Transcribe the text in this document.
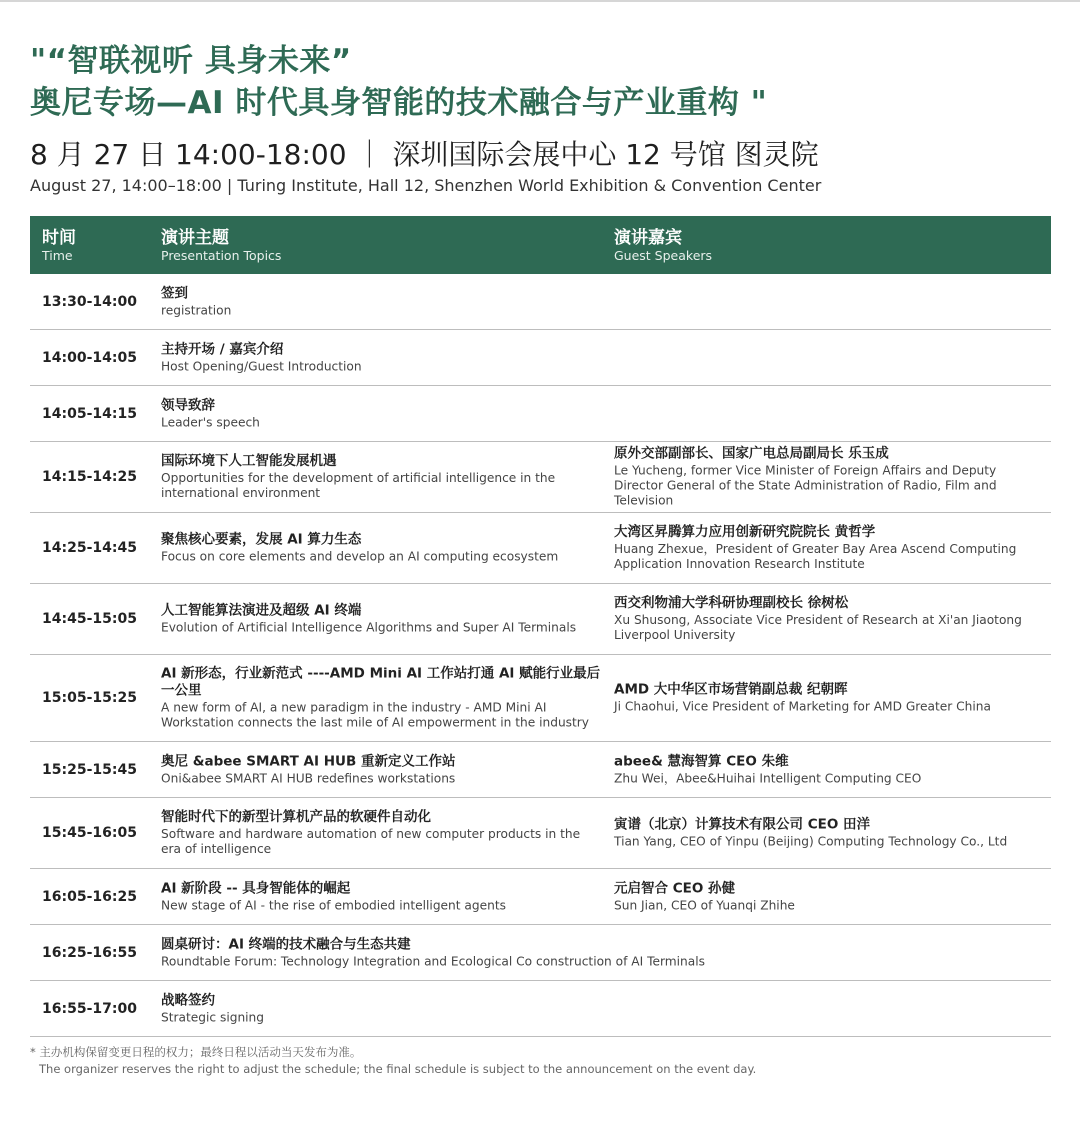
"“智联视听 具身未来”
奥尼专场—AI 时代具身智能的技术融合与产业重构 "
8 月 27 日 14:00-18:00 ｜ 深圳国际会展中心 12 号馆 图灵院
August 27, 14:00–18:00 | Turing Institute, Hall 12, Shenzhen World Exhibition & Convention Center
时间
Time
演讲主题
Presentation Topics
演讲嘉宾
Guest Speakers
13:30-14:00
签到
registration
14:00-14:05
主持开场 / 嘉宾介绍
Host Opening/Guest Introduction
14:05-14:15
领导致辞
Leader's speech
14:15-14:25
国际环境下人工智能发展机遇
Opportunities for the development of artificial intelligence in the international environment
原外交部副部长、国家广电总局副局长 乐玉成
Le Yucheng, former Vice Minister of Foreign Affairs and Deputy Director General of the State Administration of Radio, Film and Television
14:25-14:45
聚焦核心要素，发展 AI 算力生态
Focus on core elements and develop an AI computing ecosystem
大湾区昇腾算力应用创新研究院院长 黄哲学
Huang Zhexue，President of Greater Bay Area Ascend Computing Application Innovation Research Institute
14:45-15:05
人工智能算法演进及超级 AI 终端
Evolution of Artificial Intelligence Algorithms and Super AI Terminals
西交利物浦大学科研协理副校长 徐树松
Xu Shusong, Associate Vice President of Research at Xi'an Jiaotong Liverpool University
15:05-15:25
AI 新形态，行业新范式 ----AMD Mini AI 工作站打通 AI 赋能行业最后一公里
A new form of AI, a new paradigm in the industry - AMD Mini AI Workstation connects the last mile of AI empowerment in the industry
AMD 大中华区市场营销副总裁 纪朝晖
Ji Chaohui, Vice President of Marketing for AMD Greater China
15:25-15:45
奥尼 &abee SMART AI HUB 重新定义工作站
Oni&abee SMART AI HUB redefines workstations
abee& 慧海智算 CEO 朱维
Zhu Wei，Abee&Huihai Intelligent Computing CEO
15:45-16:05
智能时代下的新型计算机产品的软硬件自动化
Software and hardware automation of new computer products in the era of intelligence
寅谱（北京）计算技术有限公司 CEO 田洋
Tian Yang, CEO of Yinpu (Beijing) Computing Technology Co., Ltd
16:05-16:25
AI 新阶段 -- 具身智能体的崛起
New stage of AI - the rise of embodied intelligent agents
元启智合 CEO 孙健
Sun Jian, CEO of Yuanqi Zhihe
16:25-16:55
圆桌研讨：AI 终端的技术融合与生态共建
Roundtable Forum: Technology Integration and Ecological Co construction of AI Terminals
16:55-17:00
战略签约
Strategic signing
* 主办机构保留变更日程的权力；最终日程以活动当天发布为准。
The organizer reserves the right to adjust the schedule; the final schedule is subject to the announcement on the event day.
